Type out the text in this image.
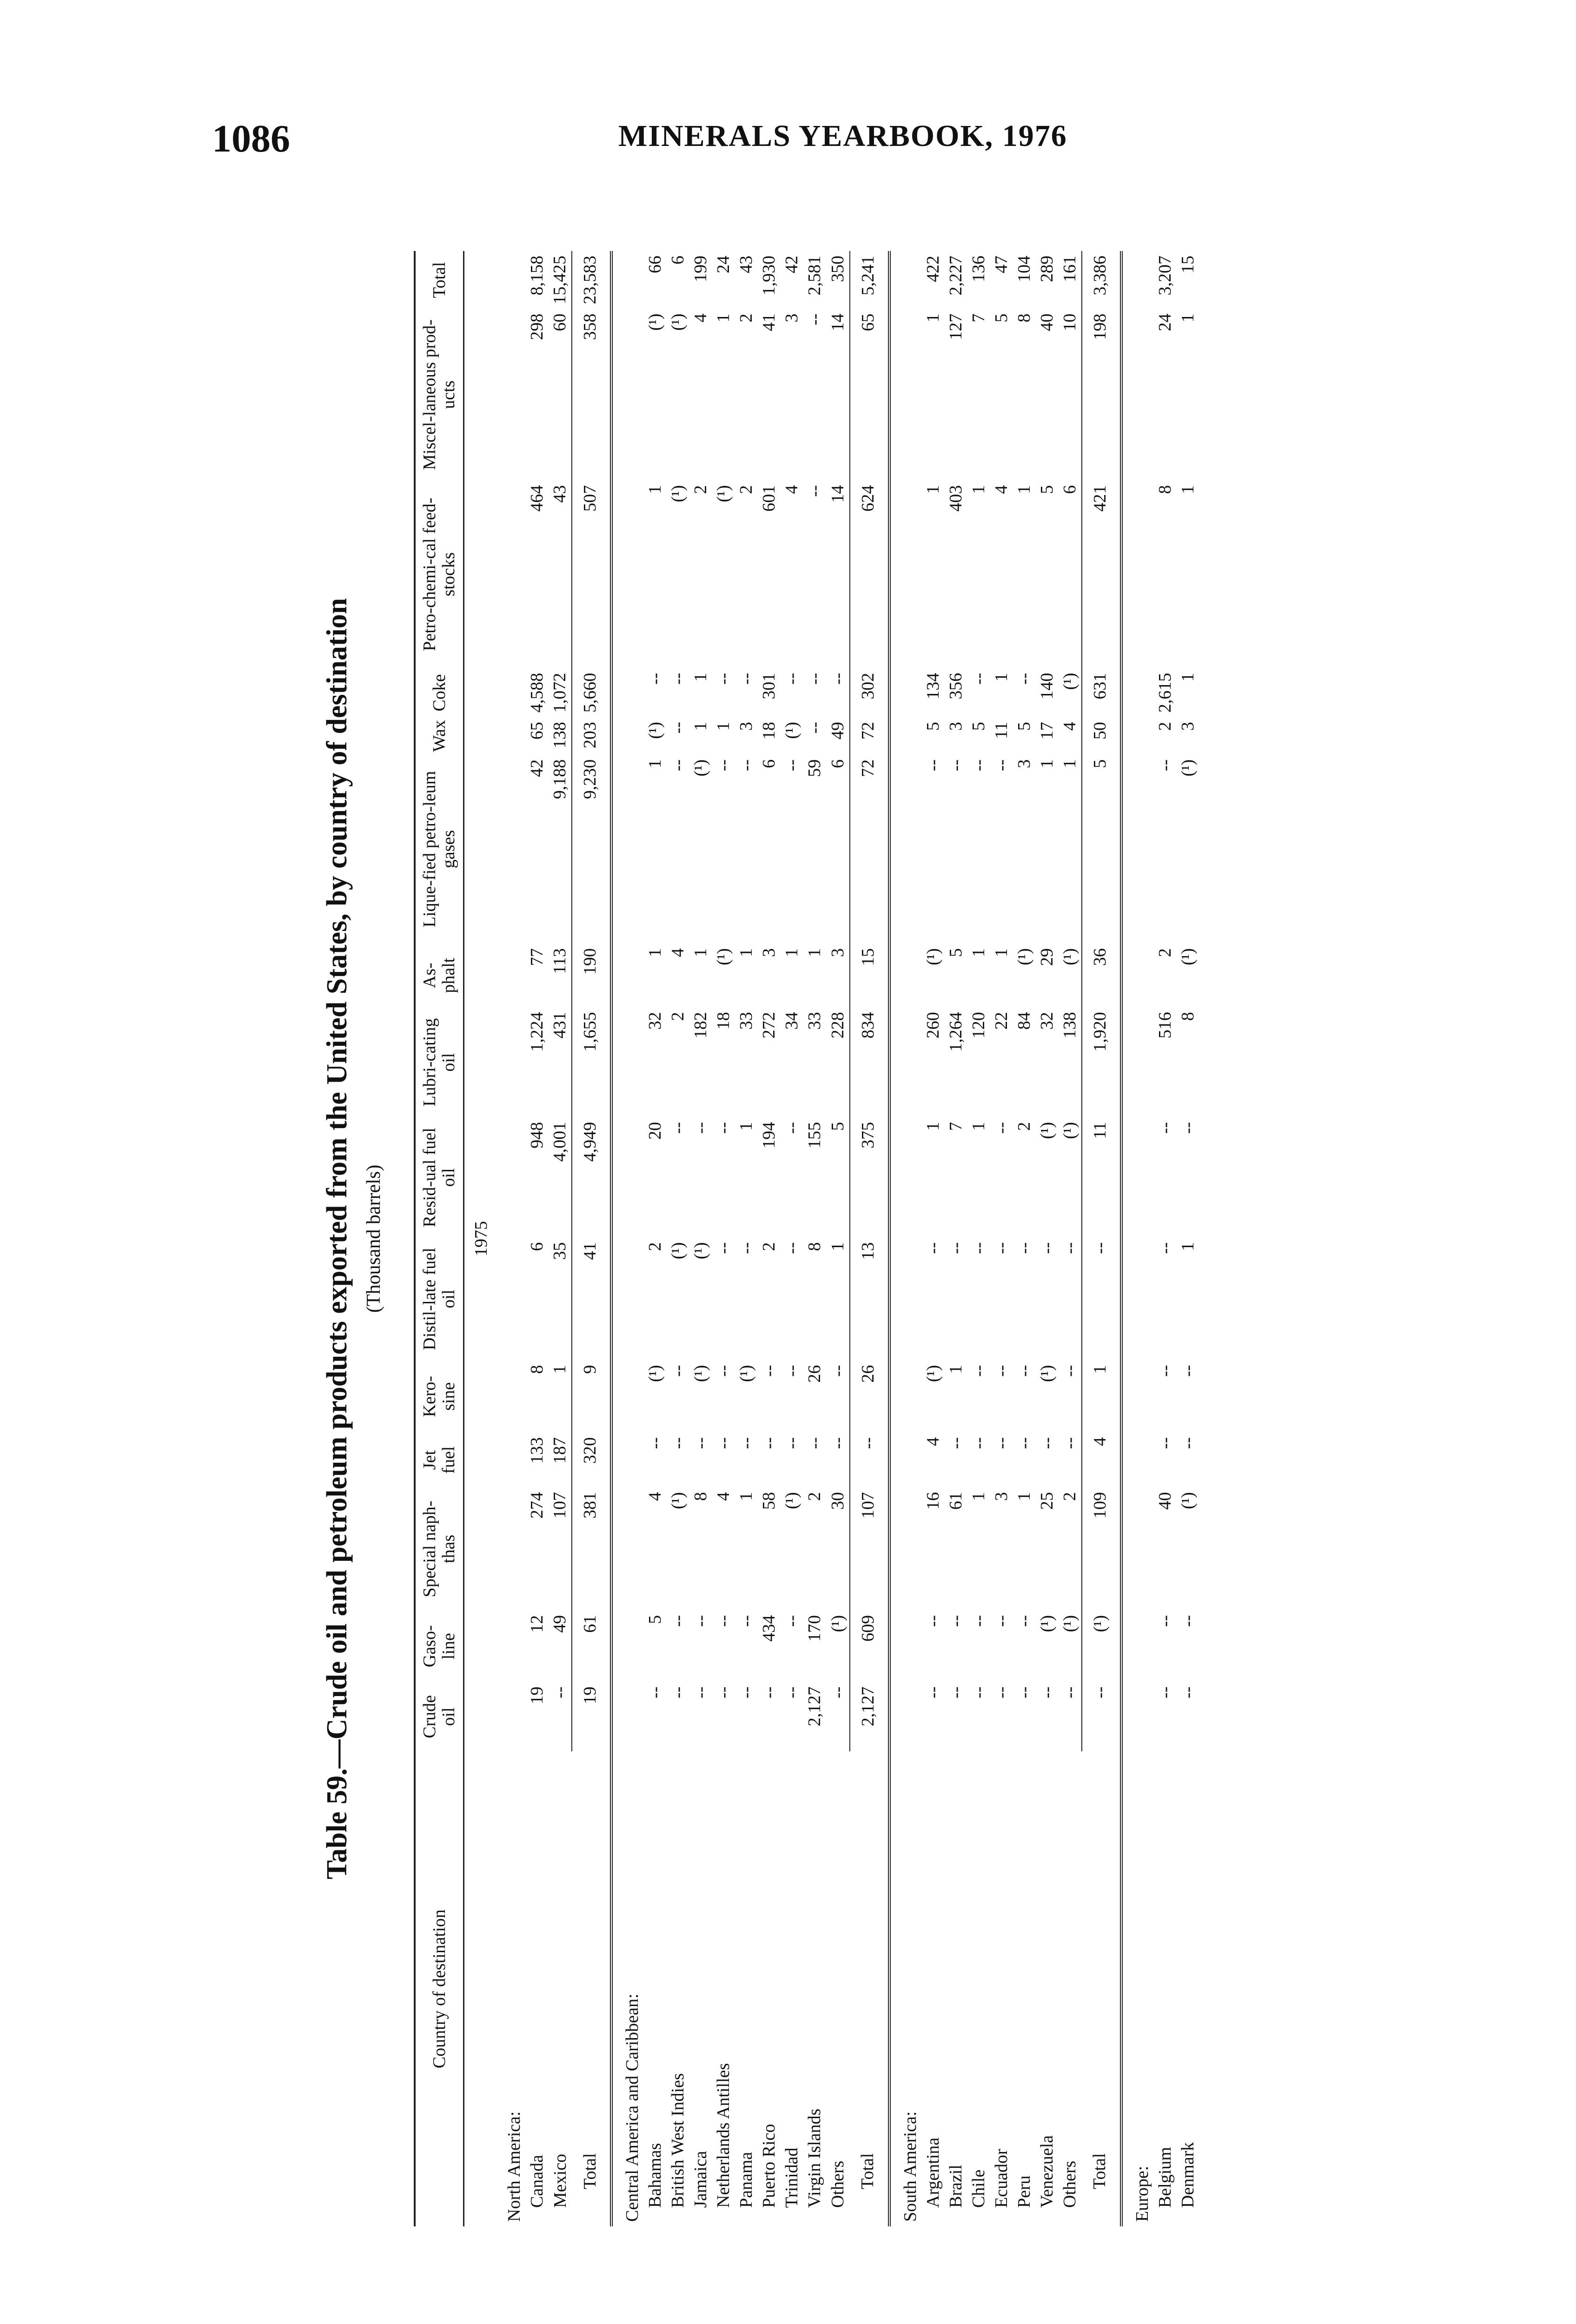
1086	MINERALS YEARBOOK, 1976
Table 59.—Crude oil and petroleum products exported from the United States, by country of destination (Thousand barrels)
Country of destination	Crude oil	Gaso-line	Special naph-thas	Jet fuel	Kero-sine	Distil-late fuel oil	Resid-ual fuel oil	Lubri-cating oil	As-phalt	Lique-fied petro-leum gases	Wax	Coke	Petro-chemi-cal feed-stocks	Miscel-laneous prod-ucts	Total
1975															
North America:															
Canada	19	12	274	133	8	6	948	1,224	77	42	65	4,588	464	298	8,158
Mexico	--	49	107	187	1	35	4,001	431	113	9,188	138	1,072	43	60	15,425
Total	19	61	381	320	9	41	4,949	1,655	190	9,230	203	5,660	507	358	23,583
Central America and Caribbean:															
Bahamas	--	5	4	--	(¹)	2	20	32	1	1	(¹)	--	1	(¹)	66
British West Indies	--	--	(¹)	--	--	(¹)	--	2	4	--	--	--	(¹)	(¹)	6
Jamaica	--	--	8	--	(¹)	(¹)	--	182	1	(¹)	1	1	2	4	199
Netherlands Antilles	--	--	4	--	--	--	--	18	(¹)	--	1	--	(¹)	1	24
Panama	--	--	1	--	(¹)	--	1	33	1	--	3	--	2	2	43
Puerto Rico	--	434	58	--	--	2	194	272	3	6	18	301	601	41	1,930
Trinidad	--	--	(¹)	--	--	--	--	34	1	--	(¹)	--	4	3	42
Virgin Islands	2,127	170	2	--	26	8	155	33	1	59	--	--	--	--	2,581
Others	--	(¹)	30	--	--	1	5	228	3	6	49	--	14	14	350
Total	2,127	609	107	--	26	13	375	834	15	72	72	302	624	65	5,241
South America:															
Argentina	--	--	16	4	(¹)	--	1	260	(¹)	--	5	134	1	1	422
Brazil	--	--	61	--	1	--	7	1,264	5	--	3	356	403	127	2,227
Chile	--	--	1	--	--	--	1	120	1	--	5	--	1	7	136
Ecuador	--	--	3	--	--	--	--	22	1	--	11	1	4	5	47
Peru	--	--	1	--	--	--	2	84	(¹)	3	5	--	1	8	104
Venezuela	--	(¹)	25	--	(¹)	--	(¹)	32	29	1	17	140	5	40	289
Others	--	(¹)	2	--	--	--	(¹)	138	(¹)	1	4	(¹)	6	10	161
Total	--	(¹)	109	4	1	--	11	1,920	36	5	50	631	421	198	3,386
Europe:															
Belgium	--	--	40	--	--	--	--	516	2	--	2	2,615	8	24	3,207
Denmark	--	--	(¹)	--	--	1	--	8	(¹)	(¹)	3	1	1	1	15
